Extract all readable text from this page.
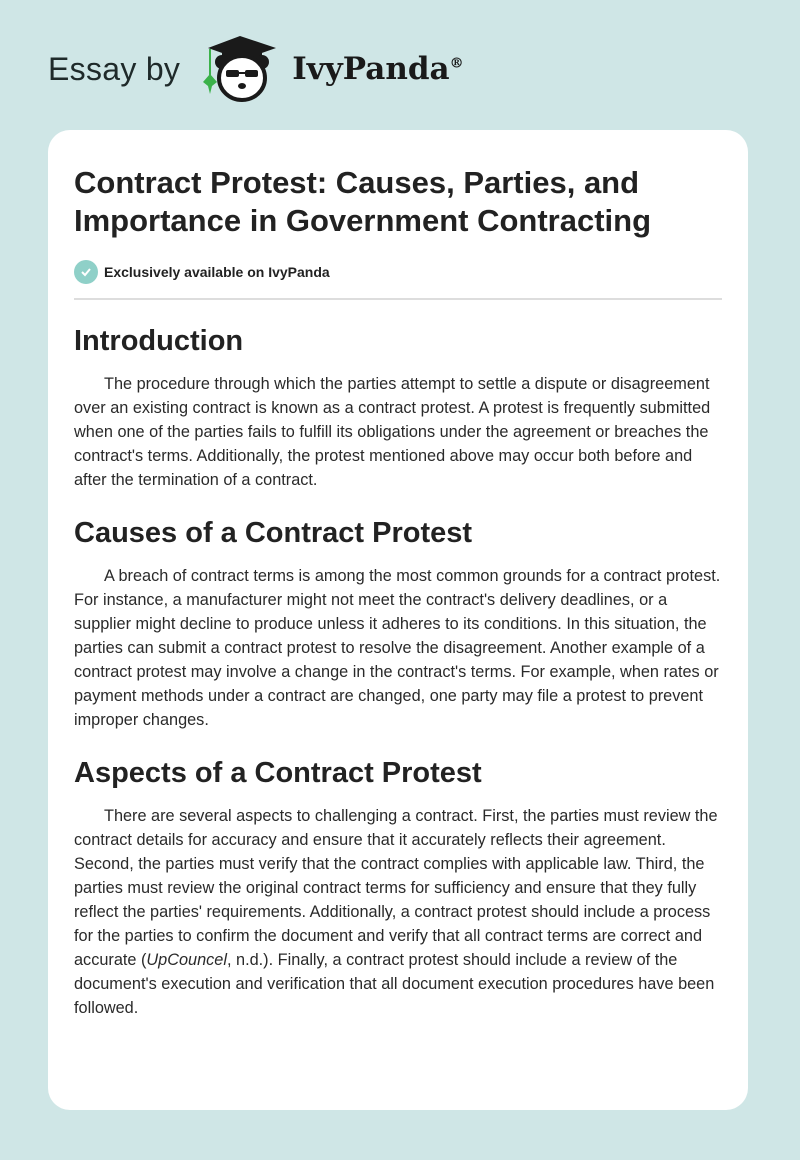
Essay by	IvyPanda®
Contract Protest: Causes, Parties, and Importance in Government Contracting
Exclusively available on IvyPanda
Introduction

The procedure through which the parties attempt to settle a dispute or disagreement over an existing contract is known as a contract protest. A protest is frequently submitted when one of the parties fails to fulfill its obligations under the agreement or breaches the contract's terms. Additionally, the protest mentioned above may occur both before and after the termination of a contract.

Causes of a Contract Protest

A breach of contract terms is among the most common grounds for a contract protest. For instance, a manufacturer might not meet the contract's delivery deadlines, or a supplier might decline to produce unless it adheres to its conditions. In this situation, the parties can submit a contract protest to resolve the disagreement. Another example of a contract protest may involve a change in the contract's terms. For example, when rates or payment methods under a contract are changed, one party may file a protest to prevent improper changes.

Aspects of a Contract Protest

There are several aspects to challenging a contract. First, the parties must review the contract details for accuracy and ensure that it accurately reflects their agreement. Second, the parties must verify that the contract complies with applicable law. Third, the parties must review the original contract terms for sufficiency and ensure that they fully reflect the parties' requirements. Additionally, a contract protest should include a process for the parties to confirm the document and verify that all contract terms are correct and accurate (UpCouncel, n.d.). Finally, a contract protest should include a review of the document's execution and verification that all document execution procedures have been followed.
